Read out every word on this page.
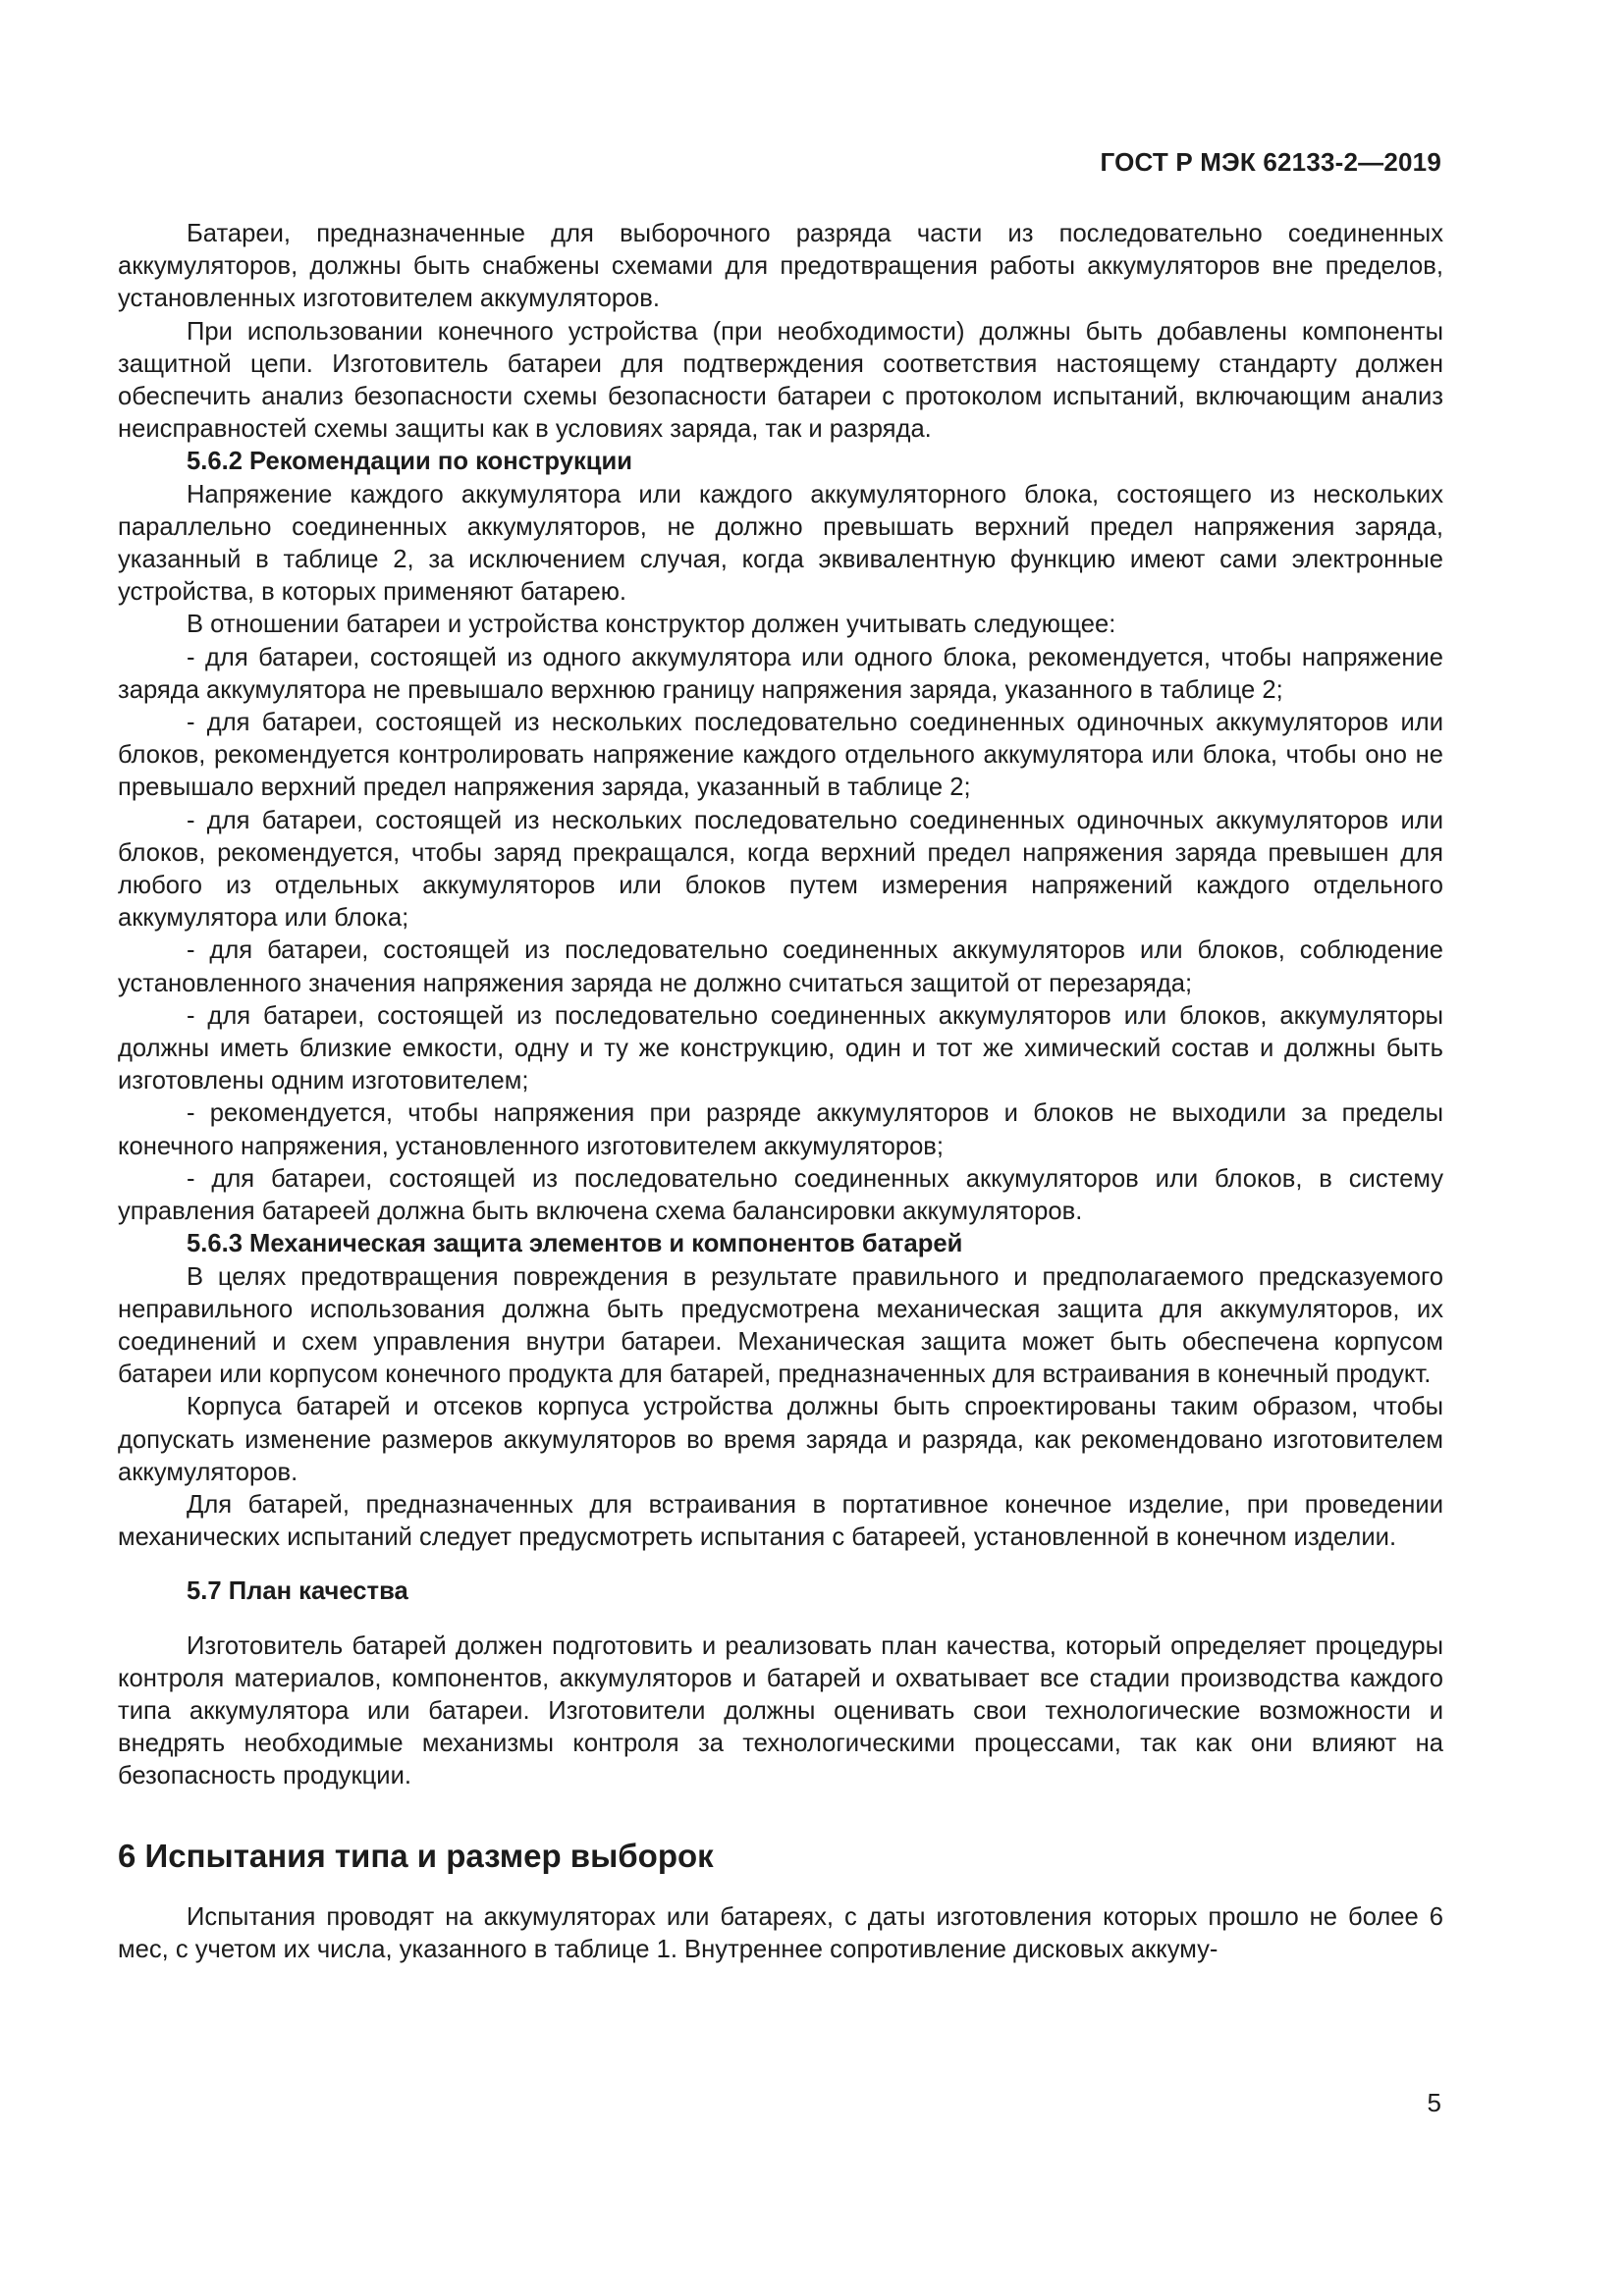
ГОСТ Р МЭК 62133-2—2019

Батареи, предназначенные для выборочного разряда части из последовательно соединенных аккумуляторов, должны быть снабжены схемами для предотвращения работы аккумуляторов вне пределов, установленных изготовителем аккумуляторов.

При использовании конечного устройства (при необходимости) должны быть добавлены компоненты защитной цепи. Изготовитель батареи для подтверждения соответствия настоящему стандарту должен обеспечить анализ безопасности схемы безопасности батареи с протоколом испытаний, включающим анализ неисправностей схемы защиты как в условиях заряда, так и разряда.

5.6.2 Рекомендации по конструкции

Напряжение каждого аккумулятора или каждого аккумуляторного блока, состоящего из нескольких параллельно соединенных аккумуляторов, не должно превышать верхний предел напряжения заряда, указанный в таблице 2, за исключением случая, когда эквивалентную функцию имеют сами электронные устройства, в которых применяют батарею.

В отношении батареи и устройства конструктор должен учитывать следующее:

- для батареи, состоящей из одного аккумулятора или одного блока, рекомендуется, чтобы напряжение заряда аккумулятора не превышало верхнюю границу напряжения заряда, указанного в таблице 2;

- для батареи, состоящей из нескольких последовательно соединенных одиночных аккумуляторов или блоков, рекомендуется контролировать напряжение каждого отдельного аккумулятора или блока, чтобы оно не превышало верхний предел напряжения заряда, указанный в таблице 2;

- для батареи, состоящей из нескольких последовательно соединенных одиночных аккумуляторов или блоков, рекомендуется, чтобы заряд прекращался, когда верхний предел напряжения заряда превышен для любого из отдельных аккумуляторов или блоков путем измерения напряжений каждого отдельного аккумулятора или блока;

- для батареи, состоящей из последовательно соединенных аккумуляторов или блоков, соблюдение установленного значения напряжения заряда не должно считаться защитой от перезаряда;

- для батареи, состоящей из последовательно соединенных аккумуляторов или блоков, аккумуляторы должны иметь близкие емкости, одну и ту же конструкцию, один и тот же химический состав и должны быть изготовлены одним изготовителем;

- рекомендуется, чтобы напряжения при разряде аккумуляторов и блоков не выходили за пределы конечного напряжения, установленного изготовителем аккумуляторов;

- для батареи, состоящей из последовательно соединенных аккумуляторов или блоков, в систему управления батареей должна быть включена схема балансировки аккумуляторов.

5.6.3 Механическая защита элементов и компонентов батарей

В целях предотвращения повреждения в результате правильного и предполагаемого предсказуемого неправильного использования должна быть предусмотрена механическая защита для аккумуляторов, их соединений и схем управления внутри батареи. Механическая защита может быть обеспечена корпусом батареи или корпусом конечного продукта для батарей, предназначенных для встраивания в конечный продукт.

Корпуса батарей и отсеков корпуса устройства должны быть спроектированы таким образом, чтобы допускать изменение размеров аккумуляторов во время заряда и разряда, как рекомендовано изготовителем аккумуляторов.

Для батарей, предназначенных для встраивания в портативное конечное изделие, при проведении механических испытаний следует предусмотреть испытания с батареей, установленной в конечном изделии.

5.7 План качества

Изготовитель батарей должен подготовить и реализовать план качества, который определяет процедуры контроля материалов, компонентов, аккумуляторов и батарей и охватывает все стадии производства каждого типа аккумулятора или батареи. Изготовители должны оценивать свои технологические возможности и внедрять необходимые механизмы контроля за технологическими процессами, так как они влияют на безопасность продукции.

6 Испытания типа и размер выборок

Испытания проводят на аккумуляторах или батареях, с даты изготовления которых прошло не более 6 мес, с учетом их числа, указанного в таблице 1. Внутреннее сопротивление дисковых аккуму-

5
